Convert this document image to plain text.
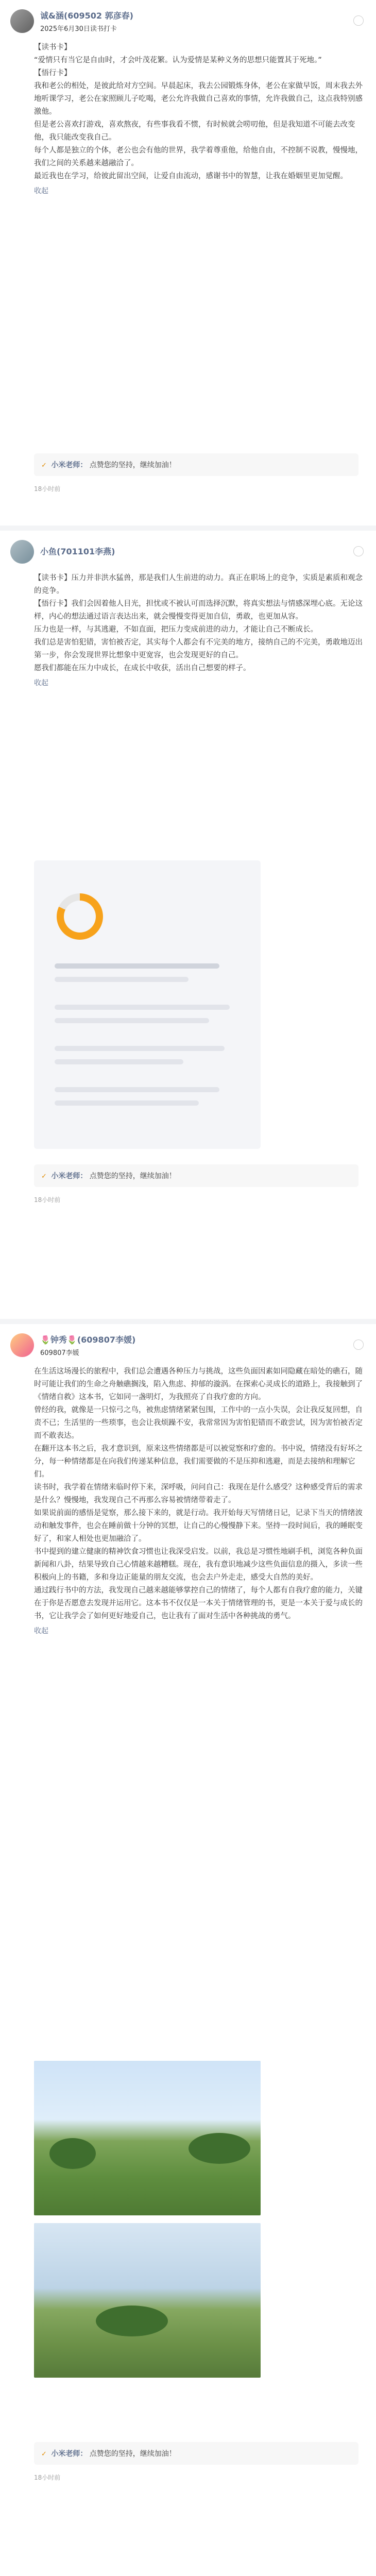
诚&涵(609502 郭彦春)
2025年6月30日读书打卡

【读书卡】

“爱情只有当它是自由时，才会叶茂花繁。认为爱情是某种义务的思想只能置其于死地。”

【悟行卡】

我和老公的相处，是彼此给对方空间。早晨起床，我去公园锻炼身体，老公在家做早饭，周末我去外地听课学习，老公在家照顾儿子吃喝，老公允许我做自己喜欢的事情，允许我做自己，这点我特别感激他。

但是老公喜欢打游戏，喜欢熬夜，有些事我看不惯，有时候就会唠叨他，但是我知道不可能去改变他，我只能改变我自己。

每个人都是独立的个体，老公也会有他的世界，我学着尊重他，给他自由，不控制不说教，慢慢地，我们之间的关系越来越融洽了。

最近我也在学习，给彼此留出空间，让爱自由流动，感谢书中的智慧，让我在婚姻里更加觉醒。

收起
✓ 小米老师： 点赞您的坚持，继续加油！
18小时前
小鱼(701101李燕)

【读书卡】压力并非洪水猛兽，那是我们人生前进的动力。真正在职场上的竞争，实质是素质和观念的竞争。

【悟行卡】我们会因着他人目光，担忧或不被认可而选择沉默，将真实想法与情感深埋心底。无论这样，内心的想法通过语言表达出来，就会慢慢变得更加自信，勇敢，也更加从容。

压力也是一样，与其逃避，不如直面，把压力变成前进的动力，才能让自己不断成长。

我们总是害怕犯错，害怕被否定，其实每个人都会有不完美的地方，接纳自己的不完美，勇敢地迈出第一步，你会发现世界比想象中更宽容，也会发现更好的自己。

愿我们都能在压力中成长，在成长中收获，活出自己想要的样子。

收起
✓ 小米老师： 点赞您的坚持，继续加油！
18小时前
🌷钟秀🌷(609807李媛)
609807李媛

在生活这场漫长的旅程中，我们总会遭遇各种压力与挑战，这些负面因素如同隐藏在暗处的礁石，随时可能让我们的生命之舟触礁搁浅，陷入焦虑、抑郁的漩涡。在探索心灵成长的道路上，我接触到了《情绪自救》这本书，它如同一盏明灯，为我照亮了自我疗愈的方向。

曾经的我，就像是一只惊弓之鸟，被焦虑情绪紧紧包围，工作中的一点小失误，会让我反复回想，自责不已；生活里的一些琐事，也会让我烦躁不安，我常常因为害怕犯错而不敢尝试，因为害怕被否定而不敢表达。

在翻开这本书之后，我才意识到，原来这些情绪都是可以被觉察和疗愈的。书中说，情绪没有好坏之分，每一种情绪都是在向我们传递某种信息，我们需要做的不是压抑和逃避，而是去接纳和理解它们。

读书时，我学着在情绪来临时停下来，深呼吸，问问自己：我现在是什么感受？这种感受背后的需求是什么？慢慢地，我发现自己不再那么容易被情绪带着走了。

如果说前面的感悟是觉察，那么接下来的，就是行动。我开始每天写情绪日记，记录下当天的情绪波动和触发事件，也会在睡前做十分钟的冥想，让自己的心慢慢静下来。坚持一段时间后，我的睡眠变好了，和家人相处也更加融洽了。

书中提到的建立健康的精神饮食习惯也让我深受启发。以前，我总是习惯性地刷手机，浏览各种负面新闻和八卦，结果导致自己心情越来越糟糕。现在，我有意识地减少这些负面信息的摄入，多读一些积极向上的书籍，多和身边正能量的朋友交流，也会去户外走走，感受大自然的美好。

通过践行书中的方法，我发现自己越来越能够掌控自己的情绪了，每个人都有自我疗愈的能力，关键在于你是否愿意去发现并运用它。这本书不仅仅是一本关于情绪管理的书，更是一本关于爱与成长的书，它让我学会了如何更好地爱自己，也让我有了面对生活中各种挑战的勇气。

收起
✓ 小米老师： 点赞您的坚持，继续加油！
18小时前
